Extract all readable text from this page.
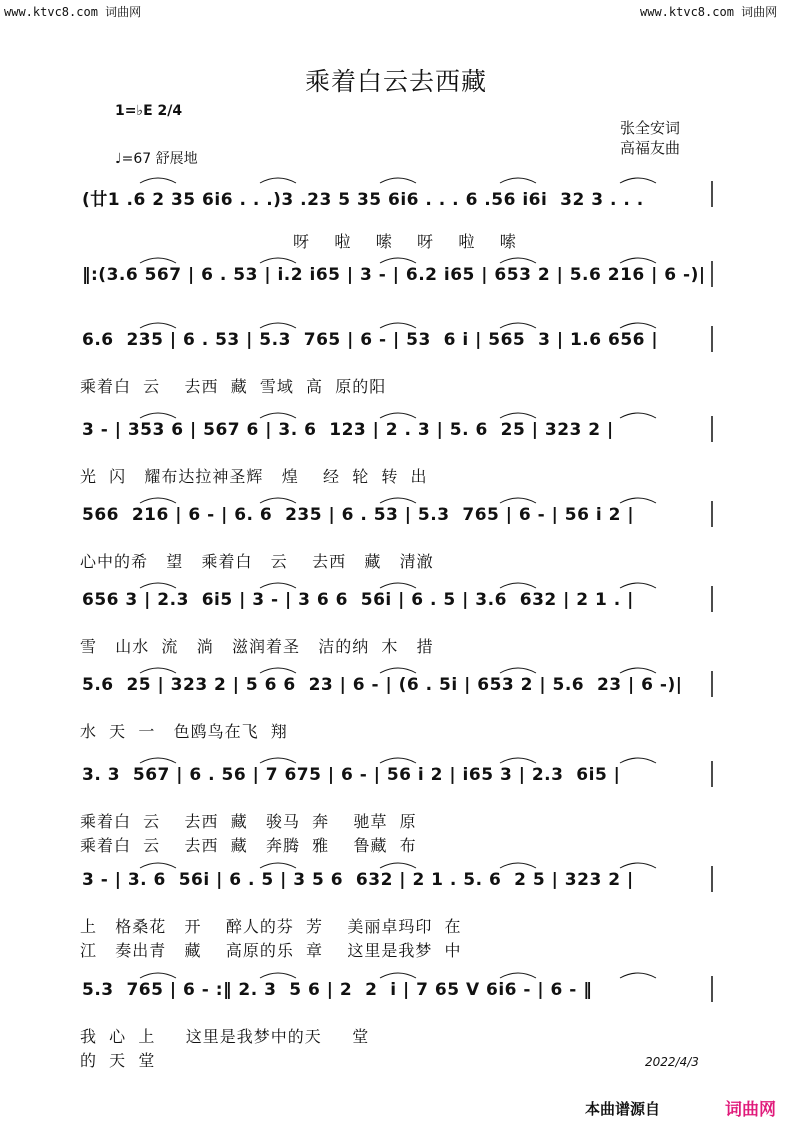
www.ktvc8.com 词曲网	www.ktvc8.com 词曲网
乘着白云去西藏
1=♭E 2/4
♩=67 舒展地
张全安词
高福友曲
(廿1 .6 2 35 6i6 . . .)3 .23 5 35 6i6 . . . 6 .56 i6i  32 3 . . .
呀    啦    嗦    呀    啦    嗦
‖:(3.6 567 | 6 . 53 | i.2 i65 | 3 - | 6.2 i65 | 653 2 | 5.6 216 | 6 -)|
6.6  235 | 6 . 53 | 5.3  765 | 6 - | 53  6 i | 565  3 | 1.6 656 |
乘着白  云    去西  藏  雪域  高  原的阳
3 - | 353 6 | 567 6 | 3. 6  123 | 2 . 3 | 5. 6  25 | 323 2 |
光  闪   耀布达拉神圣辉   煌    经  轮  转  出
566  216 | 6 - | 6. 6  235 | 6 . 53 | 5.3  765 | 6 - | 56 i 2 |
心中的希   望   乘着白   云    去西   藏   清澈
656 3 | 2.3  6i5 | 3 - | 3 6 6  56i | 6 . 5 | 3.6  632 | 2 1 . |
雪   山水  流   淌   滋润着圣   洁的纳  木   措
5.6  25 | 323 2 | 5 6 6  23 | 6 - | (6 . 5i | 653 2 | 5.6  23 | 6 -)|
水  天  一   色鸥鸟在飞  翔
3. 3  567 | 6 . 56 | 7 675 | 6 - | 56 i 2 | i65 3 | 2.3  6i5 |
乘着白  云    去西  藏   骏马  奔    驰草  原
乘着白  云    去西  藏   奔腾  雅    鲁藏  布
3 - | 3. 6  56i | 6 . 5 | 3 5 6  632 | 2 1 . 5. 6  2 5 | 323 2 |
上   格桑花   开    醉人的芬  芳    美丽卓玛印  在
江   奏出青   藏    高原的乐  章    这里是我梦  中
5.3  765 | 6 - :‖ 2. 3  5 6 | 2  2  i | 7 65 V 6i6 - | 6 - ‖
我  心  上     这里是我梦中的天     堂
的  天  堂	2022/4/3
本曲谱源自	词曲网
